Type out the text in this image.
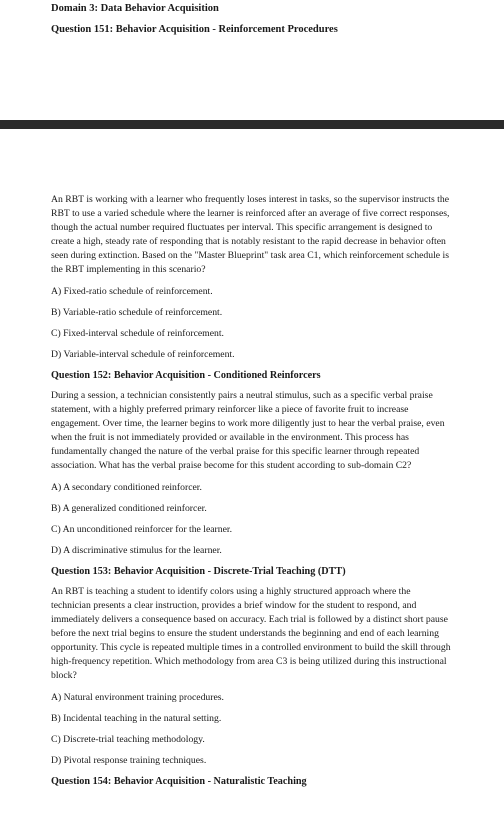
Domain 3: Data Behavior Acquisition
Question 151: Behavior Acquisition - Reinforcement Procedures

An RBT is working with a learner who frequently loses interest in tasks, so the supervisor instructs the RBT to use a varied schedule where the learner is reinforced after an average of five correct responses, though the actual number required fluctuates per interval. This specific arrangement is designed to create a high, steady rate of responding that is notably resistant to the rapid decrease in behavior often seen during extinction. Based on the "Master Blueprint" task area C1, which reinforcement schedule is the RBT implementing in this scenario?

A) Fixed-ratio schedule of reinforcement.
B) Variable-ratio schedule of reinforcement.
C) Fixed-interval schedule of reinforcement.
D) Variable-interval schedule of reinforcement.
Question 152: Behavior Acquisition - Conditioned Reinforcers

During a session, a technician consistently pairs a neutral stimulus, such as a specific verbal praise statement, with a highly preferred primary reinforcer like a piece of favorite fruit to increase engagement. Over time, the learner begins to work more diligently just to hear the verbal praise, even when the fruit is not immediately provided or available in the environment. This process has fundamentally changed the nature of the verbal praise for this specific learner through repeated association. What has the verbal praise become for this student according to sub-domain C2?

A) A secondary conditioned reinforcer.
B) A generalized conditioned reinforcer.
C) An unconditioned reinforcer for the learner.
D) A discriminative stimulus for the learner.
Question 153: Behavior Acquisition - Discrete-Trial Teaching (DTT)

An RBT is teaching a student to identify colors using a highly structured approach where the technician presents a clear instruction, provides a brief window for the student to respond, and immediately delivers a consequence based on accuracy. Each trial is followed by a distinct short pause before the next trial begins to ensure the student understands the beginning and end of each learning opportunity. This cycle is repeated multiple times in a controlled environment to build the skill through high-frequency repetition. Which methodology from area C3 is being utilized during this instructional block?

A) Natural environment training procedures.
B) Incidental teaching in the natural setting.
C) Discrete-trial teaching methodology.
D) Pivotal response training techniques.
Question 154: Behavior Acquisition - Naturalistic Teaching
